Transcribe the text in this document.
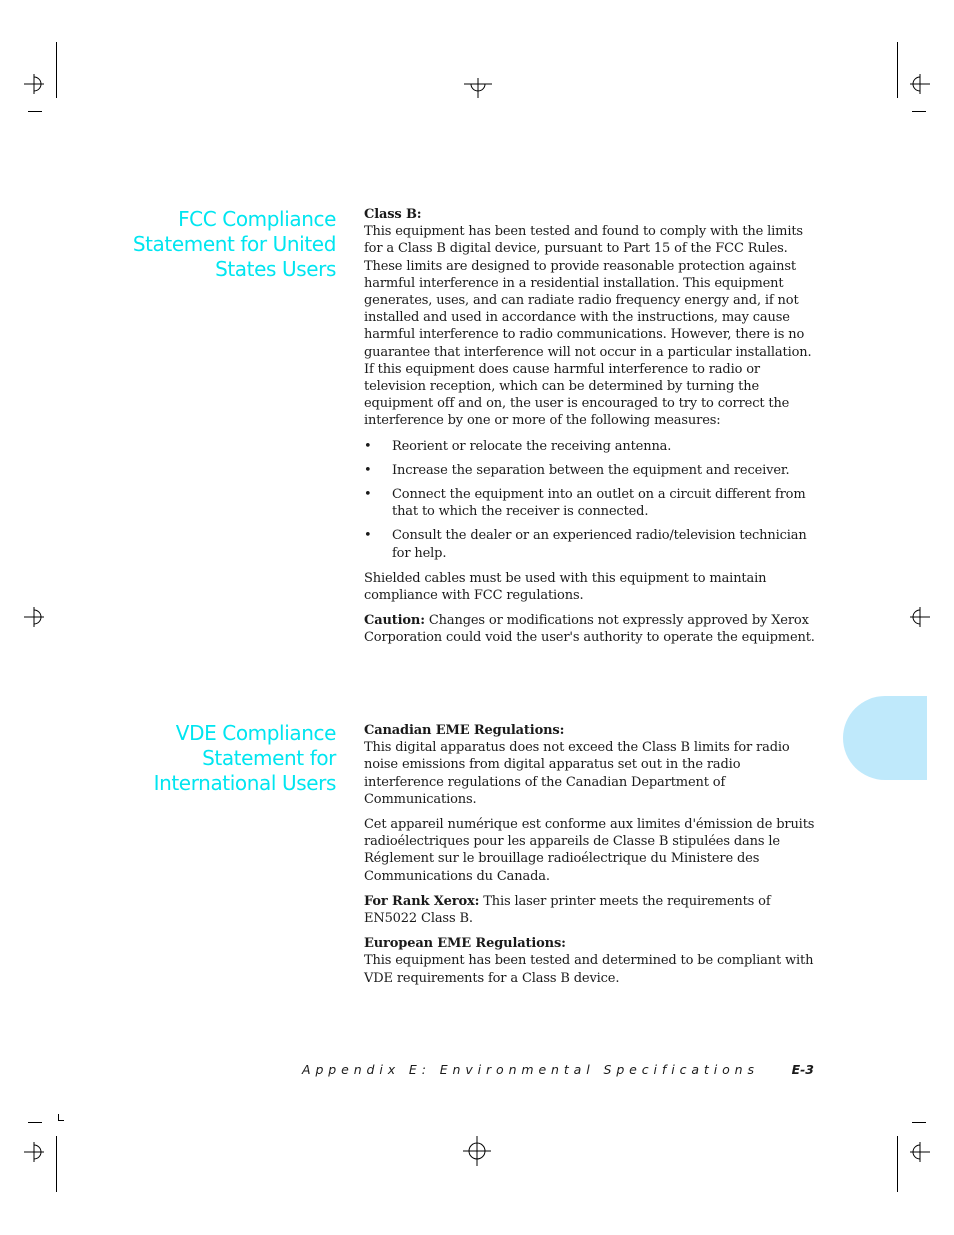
FCC Compliance Statement for United States Users

Class B:

This equipment has been tested and found to comply with the limits for a Class B digital device, pursuant to Part 15 of the FCC Rules. These limits are designed to provide reasonable protection against harmful interference in a residential installation. This equipment generates, uses, and can radiate radio frequency energy and, if not installed and used in accordance with the instructions, may cause harmful interference to radio communications. However, there is no guarantee that interference will not occur in a particular installation. If this equipment does cause harmful interference to radio or television reception, which can be determined by turning the equipment off and on, the user is encouraged to try to correct the interference by one or more of the following measures:

• Reorient or relocate the receiving antenna.
• Increase the separation between the equipment and receiver.
• Connect the equipment into an outlet on a circuit different from that to which the receiver is connected.
• Consult the dealer or an experienced radio/television technician for help.

Shielded cables must be used with this equipment to maintain compliance with FCC regulations.

Caution: Changes or modifications not expressly approved by Xerox Corporation could void the user's authority to operate the equipment.

VDE Compliance Statement for International Users

Canadian EME Regulations:

This digital apparatus does not exceed the Class B limits for radio noise emissions from digital apparatus set out in the radio interference regulations of the Canadian Department of Communications.

Cet appareil numérique est conforme aux limites d'émission de bruits radioélectriques pour les appareils de Classe B stipulées dans le Réglement sur le brouillage radioélectrique du Ministere des Communications du Canada.

For Rank Xerox: This laser printer meets the requirements of EN5022 Class B.

European EME Regulations:

This equipment has been tested and determined to be compliant with VDE requirements for a Class B device.

Appendix E: Environmental Specifications	E-3
